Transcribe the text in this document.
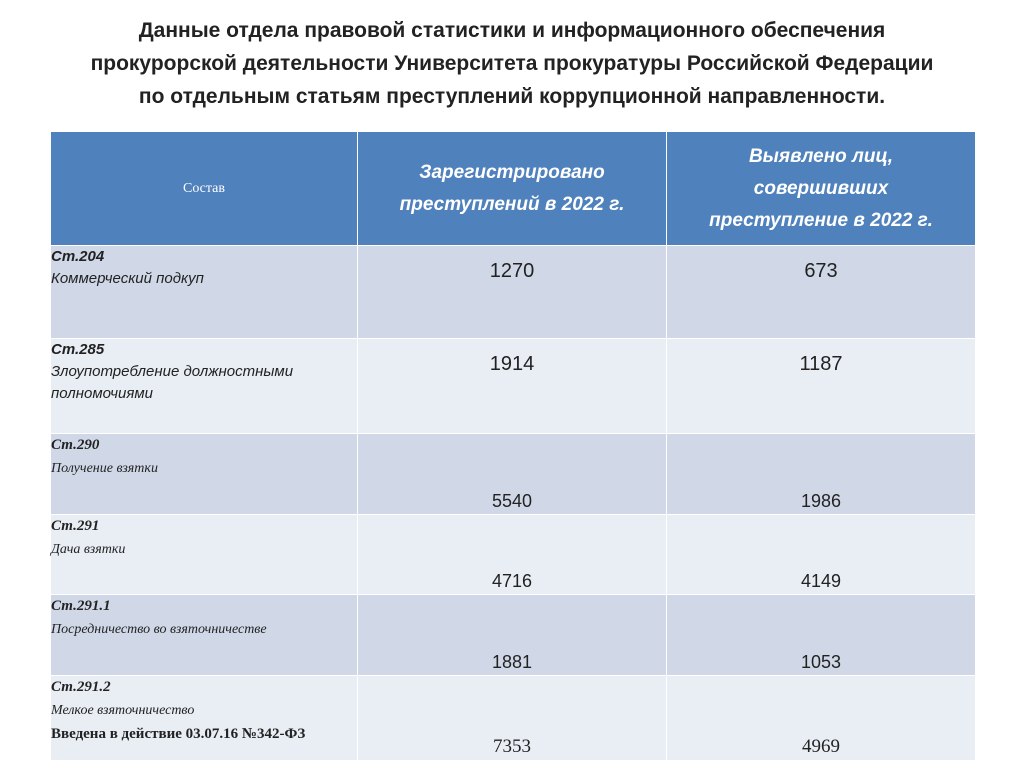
Данные отдела правовой статистики и информационного обеспечения
прокурорской деятельности Университета прокуратуры Российской Федерации
по отдельным статьям преступлений коррупционной направленности.
Состав	Зарегистрировано преступлений в 2022 г.	Выявлено лиц, совершивших преступление в 2022 г.

Ст.204
Коммерческий подкуп	1270	673

Ст.285
Злоупотребление должностными полномочиями	1914	1187

Ст.290
Получение взятки	5540	1986

Ст.291
Дача взятки	4716	4149

Ст.291.1
Посредничество во взяточничестве	1881	1053

Ст.291.2
Мелкое взяточничество
Введена в действие 03.07.16 №342-ФЗ	7353	4969
